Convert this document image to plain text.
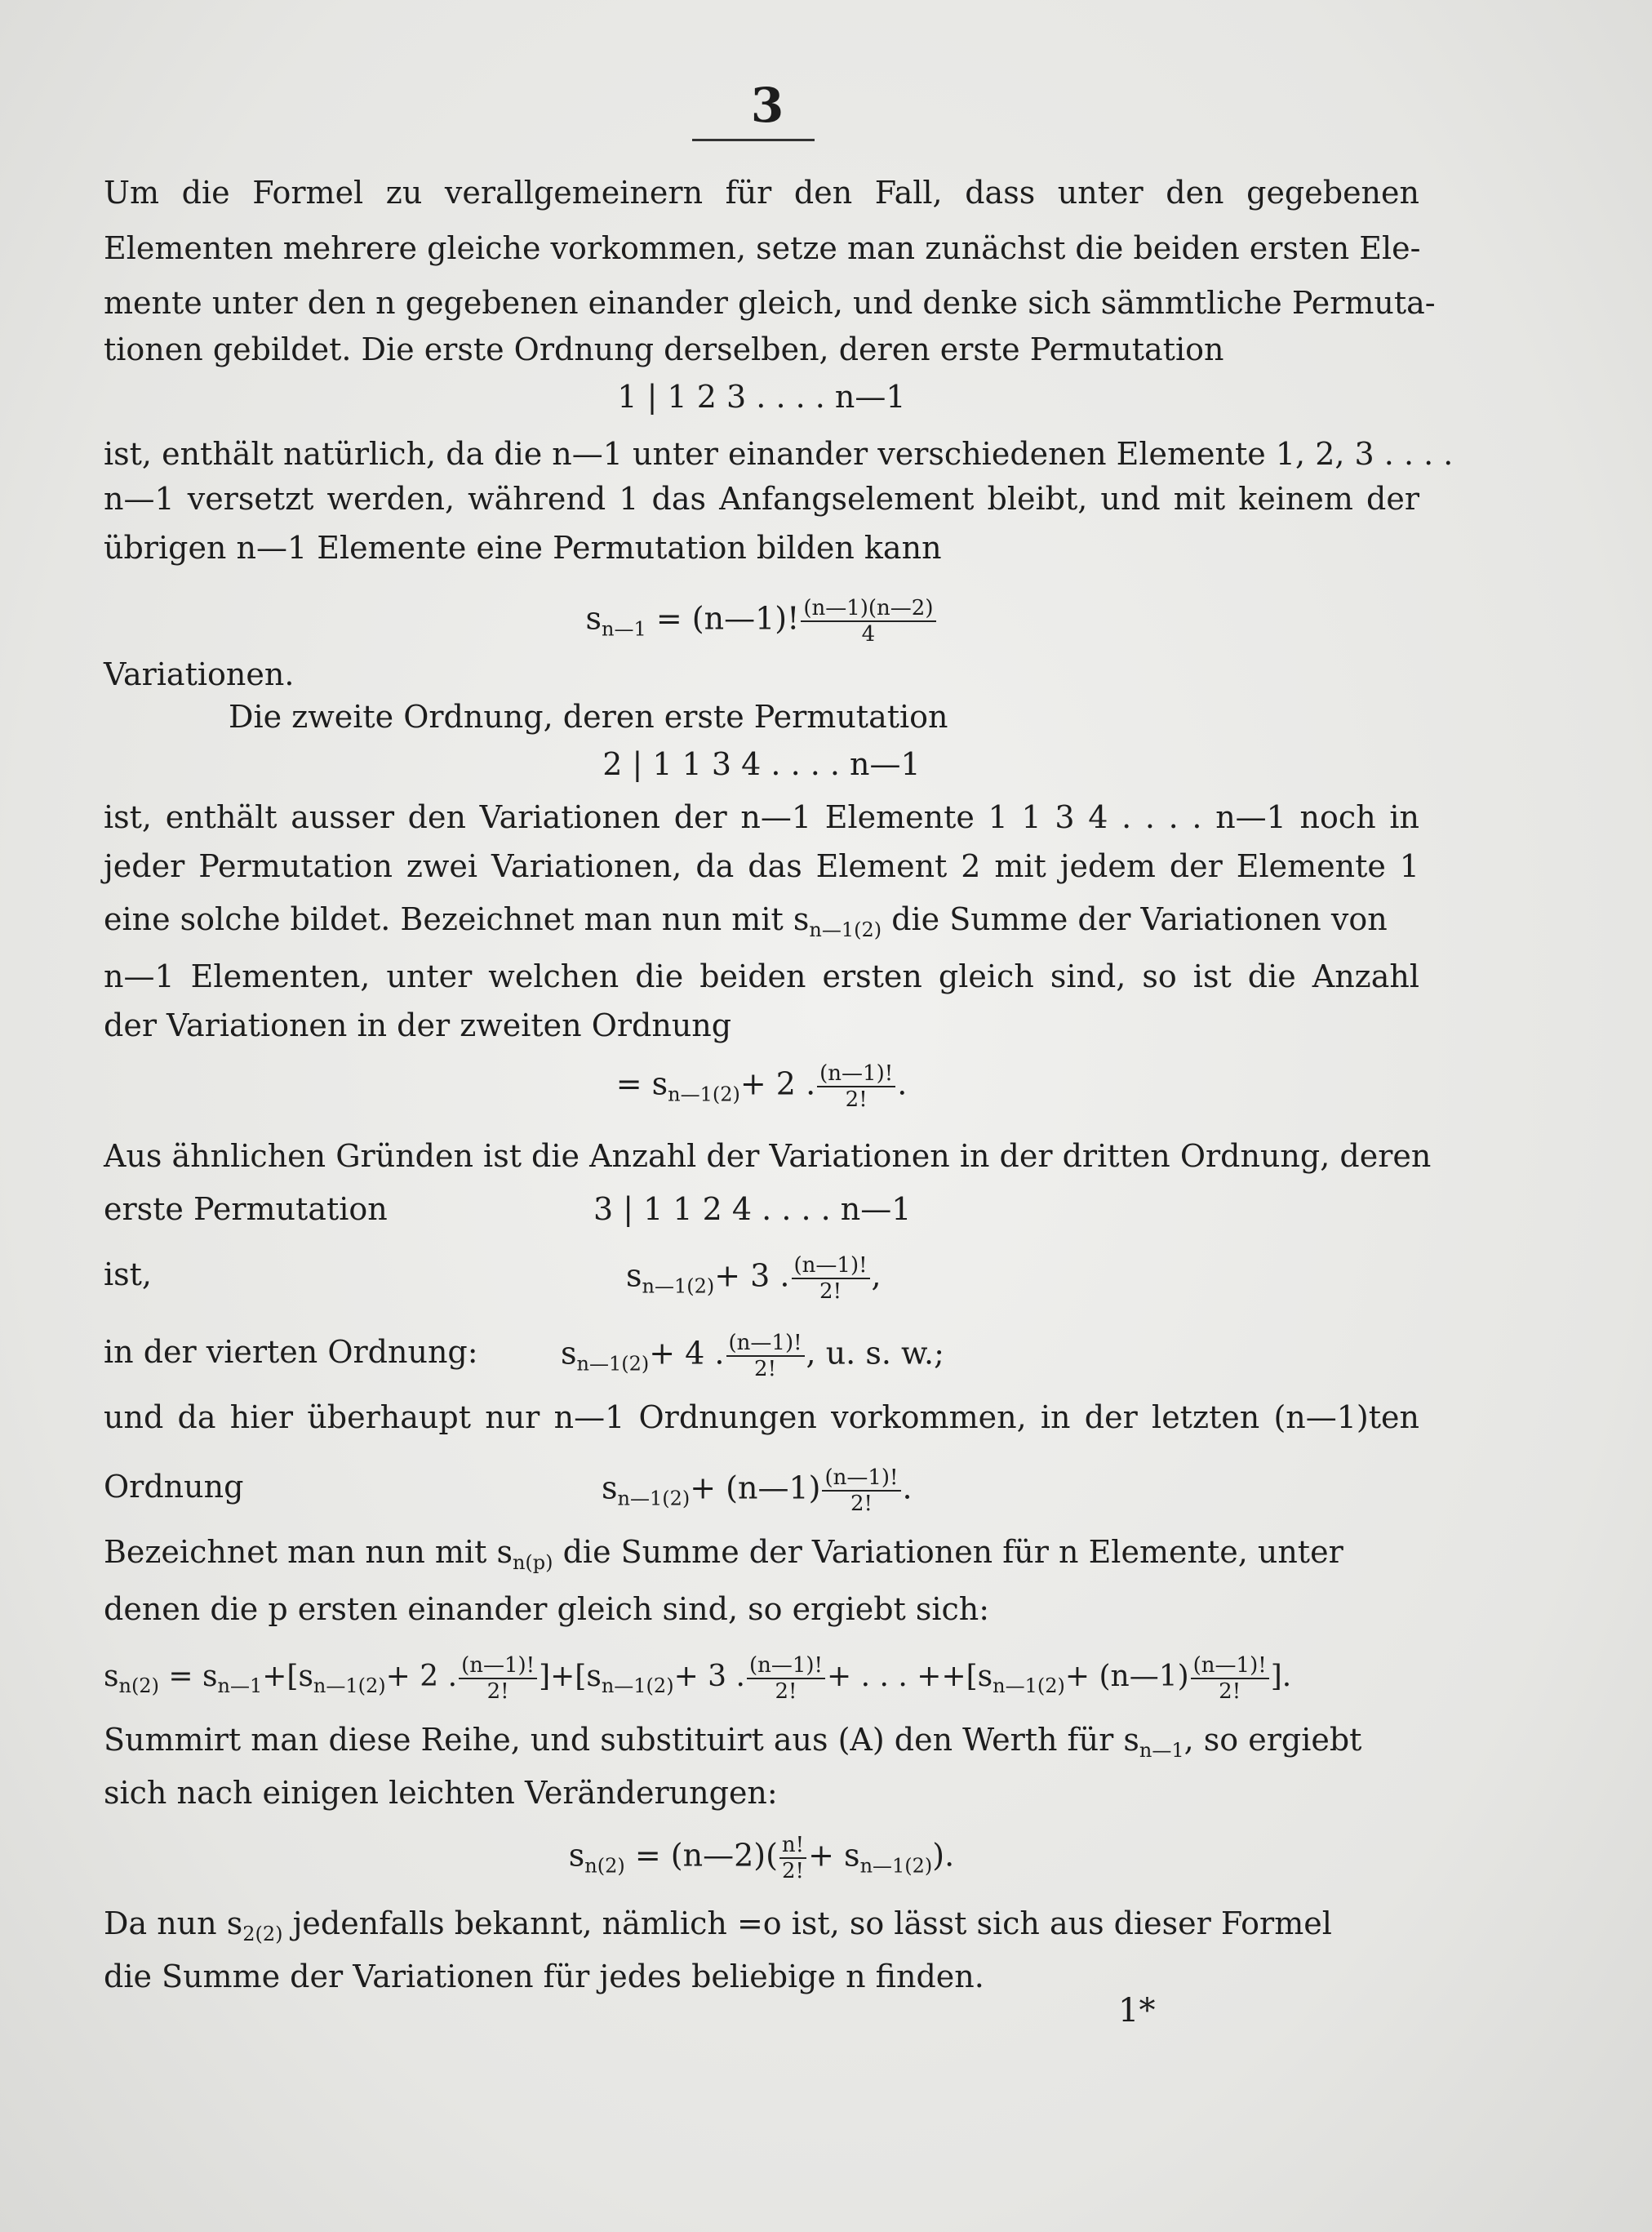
3
Um die Formel zu verallgemeinern für den Fall, dass unter den gegebenen
Elementen mehrere gleiche vorkommen, setze man zunächst die beiden ersten Ele-
mente unter den n gegebenen einander gleich, und denke sich sämmtliche Permuta-
tionen gebildet. Die erste Ordnung derselben, deren erste Permutation
1 | 1 2 3 . . . . n—1
ist, enthält natürlich, da die n—1 unter einander verschiedenen Elemente 1, 2, 3 . . . .
n—1 versetzt werden, während 1 das Anfangselement bleibt, und mit keinem der
übrigen n—1 Elemente eine Permutation bilden kann
$s_{n—1}$ = (n—1)! $\frac{(n—1)(n—2)}{4}$
Variationen.
Die zweite Ordnung, deren erste Permutation
2 | 1 1 3 4 . . . . n—1
ist, enthält ausser den Variationen der n—1 Elemente 1 1 3 4 . . . . n—1 noch in
jeder Permutation zwei Variationen, da das Element 2 mit jedem der Elemente 1
eine solche bildet. Bezeichnet man nun mit $s_{n—1(2)}$ die Summe der Variationen von
n—1 Elementen, unter welchen die beiden ersten gleich sind, so ist die Anzahl
der Variationen in der zweiten Ordnung
= $s_{n—1(2)}+ 2$ . $\frac{(n—1)!}{2!}$ .
Aus ähnlichen Gründen ist die Anzahl der Variationen in der dritten Ordnung, deren
erste Permutation	3 | 1 1 2 4 . . . . n—1
ist,	$s_{n—1(2)}+ 3$ . $\frac{(n—1)!}{2!}$ ,
in der vierten Ordnung:	$s_{n—1(2)}+ 4$ . $\frac{(n—1)!}{2!}$ , u. s. w.;
und da hier überhaupt nur n—1 Ordnungen vorkommen, in der letzten (n—1)ten
Ordnung	$s_{n—1(2)}+$ (n—1) $\frac{(n—1)!}{2!}$ .
Bezeichnet man nun mit $s_{n(p)}$ die Summe der Variationen für n Elemente, unter
denen die p ersten einander gleich sind, so ergiebt sich:
$s_{n(2)} = s_{n—1}+[s_{n—1(2)}+ 2$ . $\frac{(n—1)!}{2!} ]+[s_{n—1(2)}+ 3$ . $\frac{(n—1)!}{2!}$ + . . . $++[s_{n—1(2)}+$ (n—1) $\frac{(n—1)!}{2!}$ ].
Summirt man diese Reihe, und substituirt aus (A) den Werth für $s_{n—1}$, so ergiebt
sich nach einigen leichten Veränderungen:
$s_{n(2)}$ = (n—2)( $\frac{n!}{2!} + s_{n—1(2)}$).
Da nun $s_{2(2)}$ jedenfalls bekannt, nämlich =o ist, so lässt sich aus dieser Formel
die Summe der Variationen für jedes beliebige n finden.
1*
